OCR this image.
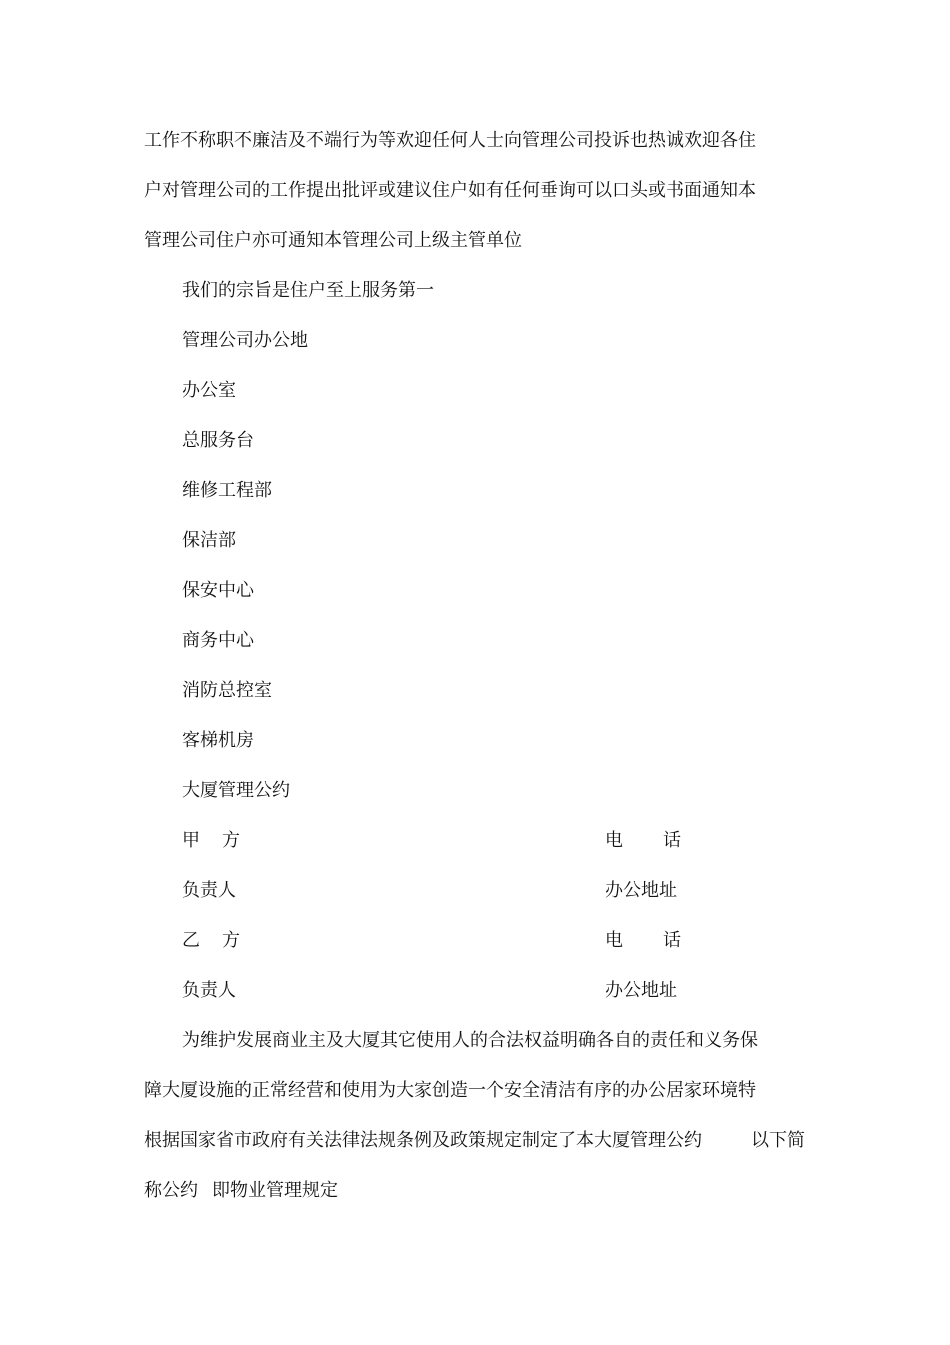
工作不称职不廉洁及不端行为等欢迎任何人士向管理公司投诉也热诚欢迎各住
户对管理公司的工作提出批评或建议住户如有任何垂询可以口头或书面通知本
管理公司住户亦可通知本管理公司上级主管单位
我们的宗旨是住户至上服务第一
管理公司办公地
办公室
总服务台
维修工程部
保洁部
保安中心
商务中心
消防总控室
客梯机房
大厦管理公约
甲 方	电 话
负责人	办公地址
乙 方	电 话
负责人	办公地址
为维护发展商业主及大厦其它使用人的合法权益明确各自的责任和义务保
障大厦设施的正常经营和使用为大家创造一个安全清洁有序的办公居家环境特
根据国家省市政府有关法律法规条例及政策规定制定了本大厦管理公约	以下简
称公约 即物业管理规定
